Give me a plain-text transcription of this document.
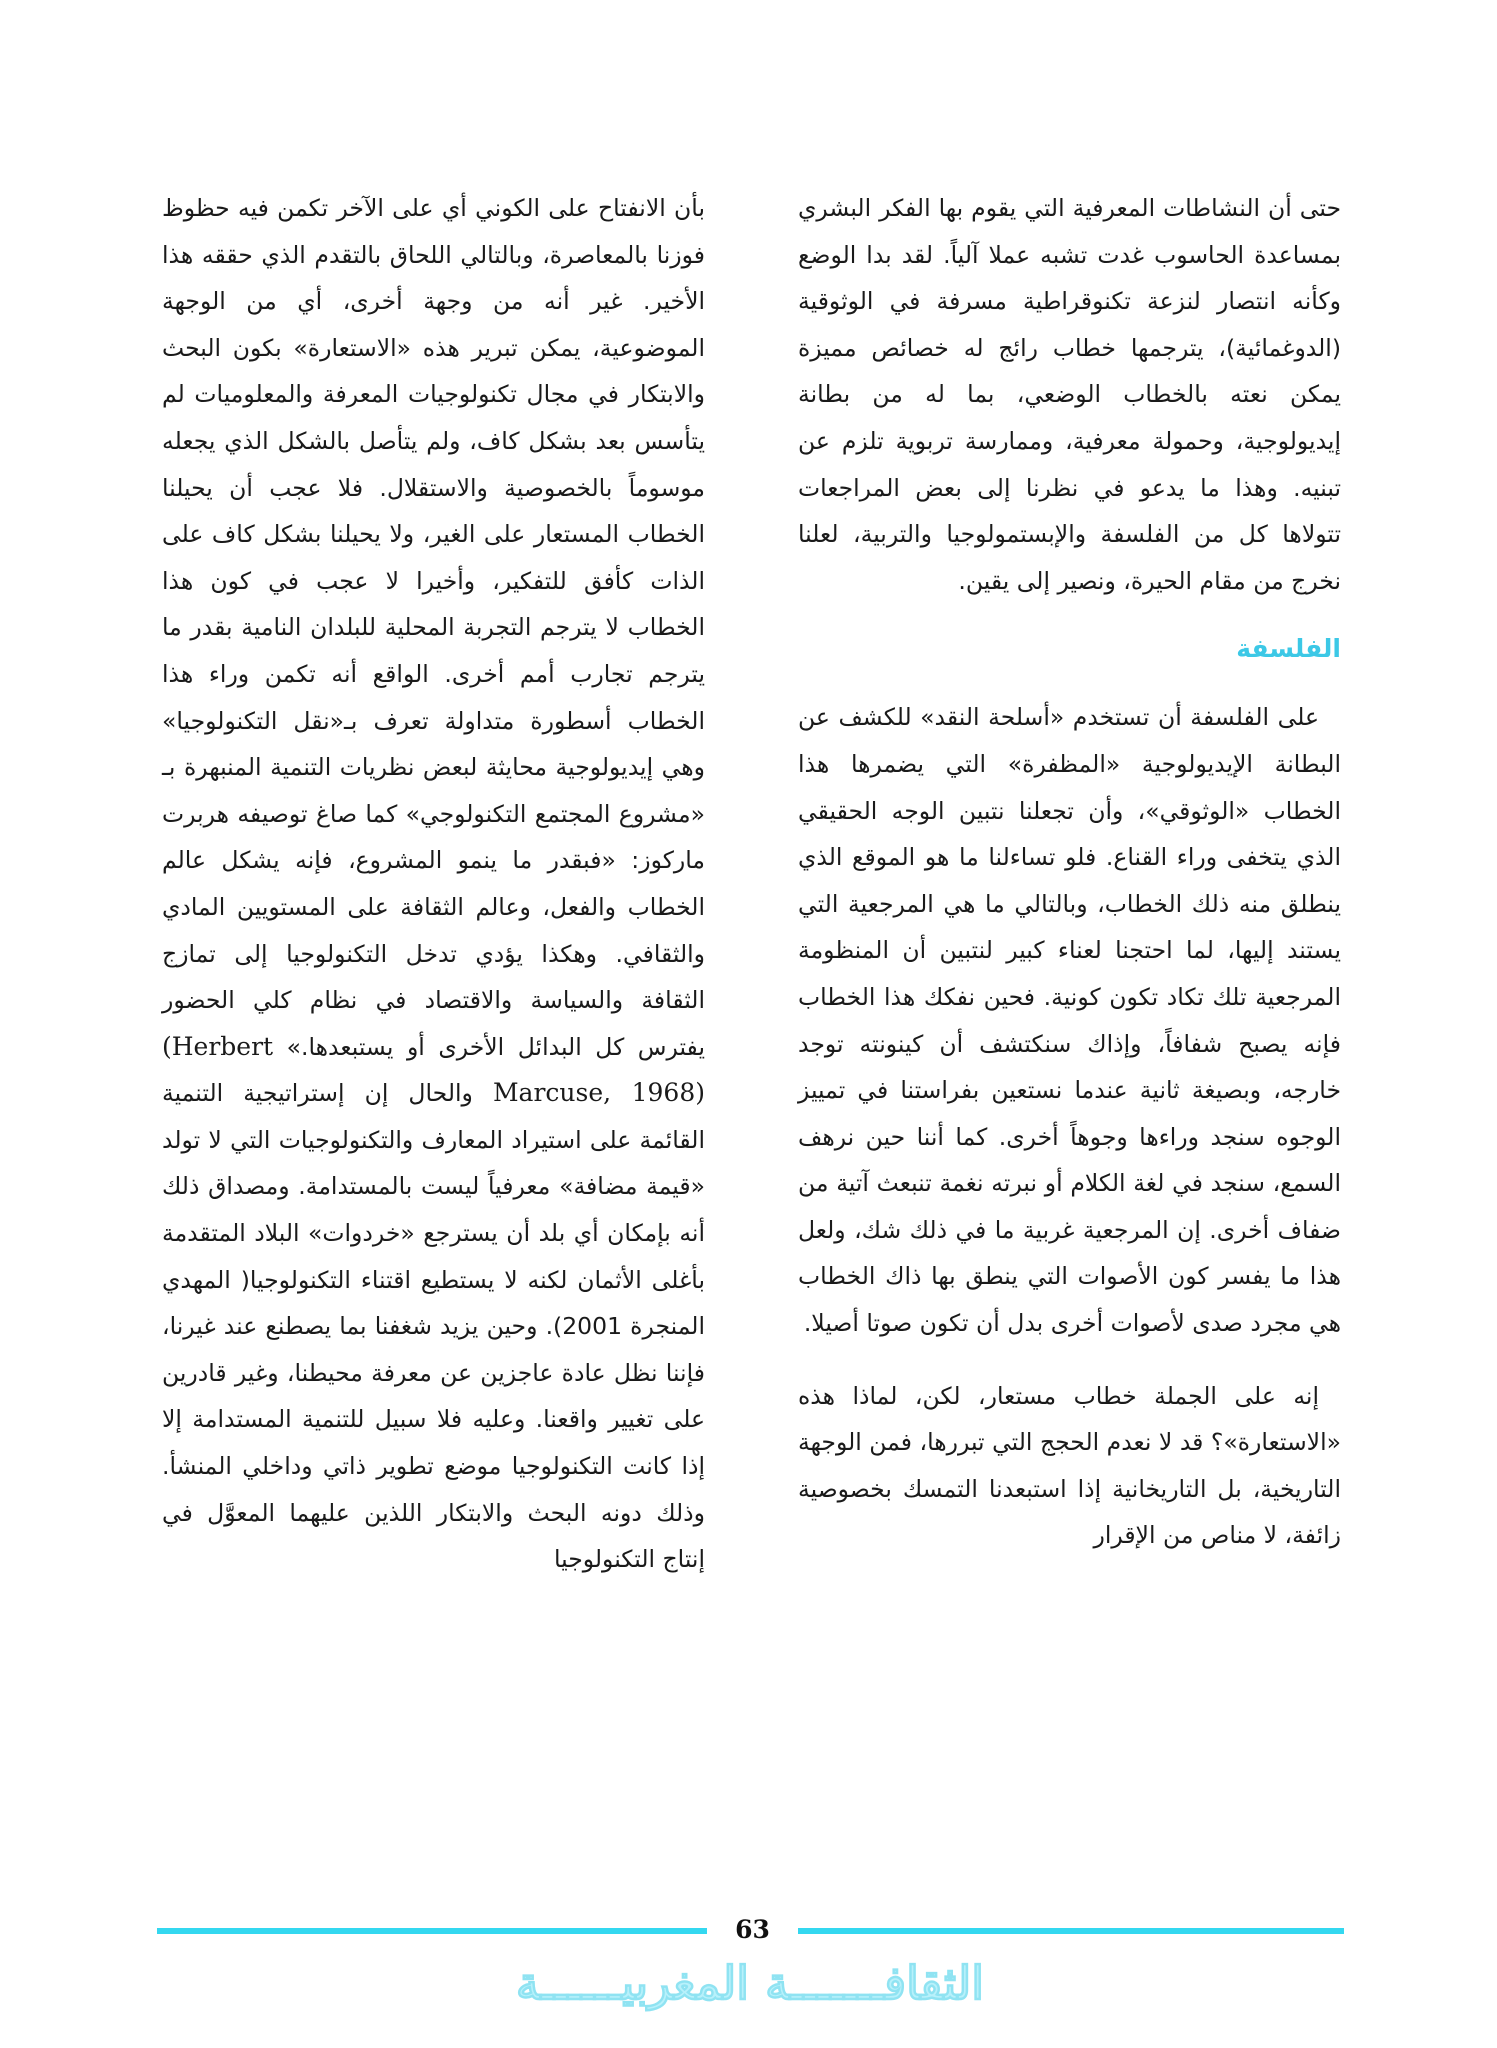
حتى أن النشاطات المعرفية التي يقوم بها الفكر البشري بمساعدة الحاسوب غدت تشبه عملا آلياً. لقد بدا الوضع وكأنه انتصار لنزعة تكنوقراطية مسرفة في الوثوقية (الدوغمائية)، يترجمها خطاب رائج له خصائص مميزة يمكن نعته بالخطاب الوضعي، بما له من بطانة إيديولوجية، وحمولة معرفية، وممارسة تربوية تلزم عن تبنيه. وهذا ما يدعو في نظرنا إلى بعض المراجعات تتولاها كل من الفلسفة والإبستمولوجيا والتربية، لعلنا نخرج من مقام الحيرة، ونصير إلى يقين.

الفلسفة

على الفلسفة أن تستخدم «أسلحة النقد» للكشف عن البطانة الإيديولوجية «المظفرة» التي يضمرها هذا الخطاب «الوثوقي»، وأن تجعلنا نتبين الوجه الحقيقي الذي يتخفى وراء القناع. فلو تساءلنا ما هو الموقع الذي ينطلق منه ذلك الخطاب، وبالتالي ما هي المرجعية التي يستند إليها، لما احتجنا لعناء كبير لنتبين أن المنظومة المرجعية تلك تكاد تكون كونية. فحين نفكك هذا الخطاب فإنه يصبح شفافاً، وإذاك سنكتشف أن كينونته توجد خارجه، وبصيغة ثانية عندما نستعين بفراستنا في تمييز الوجوه سنجد وراءها وجوهاً أخرى. كما أننا حين نرهف السمع، سنجد في لغة الكلام أو نبرته نغمة تنبعث آتية من ضفاف أخرى. إن المرجعية غربية ما في ذلك شك، ولعل هذا ما يفسر كون الأصوات التي ينطق بها ذاك الخطاب هي مجرد صدى لأصوات أخرى بدل أن تكون صوتا أصيلا.

إنه على الجملة خطاب مستعار، لكن، لماذا هذه «الاستعارة»؟ قد لا نعدم الحجج التي تبررها، فمن الوجهة التاريخية، بل التاريخانية إذا استبعدنا التمسك بخصوصية زائفة، لا مناص من الإقرار

بأن الانفتاح على الكوني أي على الآخر تكمن فيه حظوظ فوزنا بالمعاصرة، وبالتالي اللحاق بالتقدم الذي حققه هذا الأخير. غير أنه من وجهة أخرى، أي من الوجهة الموضوعية، يمكن تبرير هذه «الاستعارة» بكون البحث والابتكار في مجال تكنولوجيات المعرفة والمعلوميات لم يتأسس بعد بشكل كاف، ولم يتأصل بالشكل الذي يجعله موسوماً بالخصوصية والاستقلال. فلا عجب أن يحيلنا الخطاب المستعار على الغير، ولا يحيلنا بشكل كاف على الذات كأفق للتفكير، وأخيرا لا عجب في كون هذا الخطاب لا يترجم التجربة المحلية للبلدان النامية بقدر ما يترجم تجارب أمم أخرى. الواقع أنه تكمن وراء هذا الخطاب أسطورة متداولة تعرف بـ«نقل التكنولوجيا» وهي إيديولوجية محايثة لبعض نظريات التنمية المنبهرة بـ «مشروع المجتمع التكنولوجي» كما صاغ توصيفه هربرت ماركوز: «فبقدر ما ينمو المشروع، فإنه يشكل عالم الخطاب والفعل، وعالم الثقافة على المستويين المادي والثقافي. وهكذا يؤدي تدخل التكنولوجيا إلى تمازج الثقافة والسياسة والاقتصاد في نظام كلي الحضور يفترس كل البدائل الأخرى أو يستبعدها.» (Herbert Marcuse, 1968) والحال إن إستراتيجية التنمية القائمة على استيراد المعارف والتكنولوجيات التي لا تولد «قيمة مضافة» معرفياً ليست بالمستدامة. ومصداق ذلك أنه بإمكان أي بلد أن يسترجع «خردوات» البلاد المتقدمة بأغلى الأثمان لكنه لا يستطيع اقتناء التكنولوجيا( المهدي المنجرة 2001). وحين يزيد شغفنا بما يصطنع عند غيرنا، فإننا نظل عادة عاجزين عن معرفة محيطنا، وغير قادرين على تغيير واقعنا. وعليه فلا سبيل للتنمية المستدامة إلا إذا كانت التكنولوجيا موضع تطوير ذاتي وداخلي المنشأ. وذلك دونه البحث والابتكار اللذين عليهما المعوَّل في إنتاج التكنولوجيا

63
الثقافـــــــة المغربيــــــة
